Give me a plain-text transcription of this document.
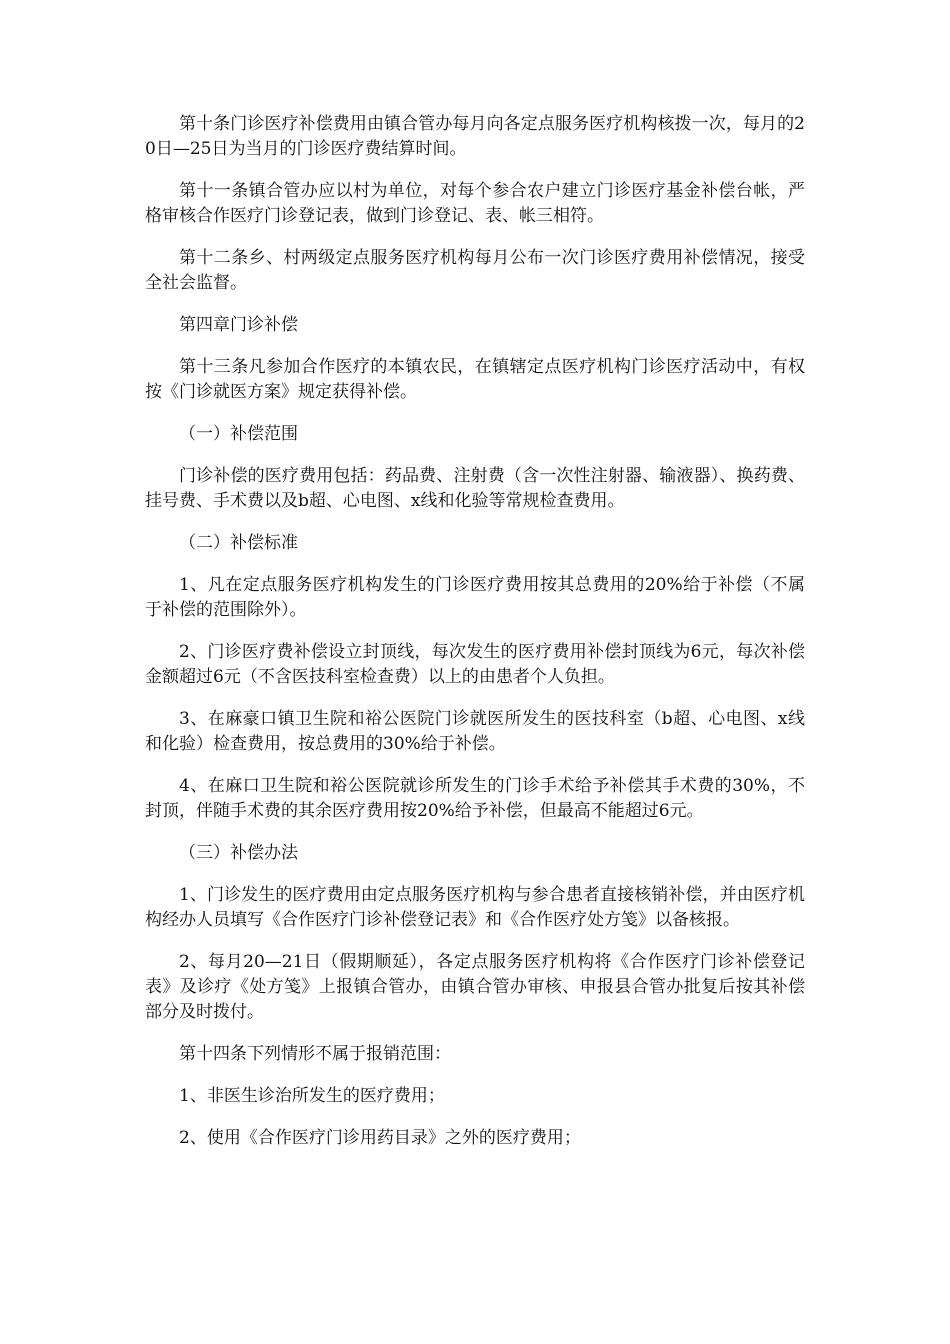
第十条门诊医疗补偿费用由镇合管办每月向各定点服务医疗机构核拨一次，每月的20日—25日为当月的门诊医疗费结算时间。

第十一条镇合管办应以村为单位，对每个参合农户建立门诊医疗基金补偿台帐，严格审核合作医疗门诊登记表，做到门诊登记、表、帐三相符。

第十二条乡、村两级定点服务医疗机构每月公布一次门诊医疗费用补偿情况，接受全社会监督。

第四章门诊补偿

第十三条凡参加合作医疗的本镇农民，在镇辖定点医疗机构门诊医疗活动中，有权按《门诊就医方案》规定获得补偿。

（一）补偿范围

门诊补偿的医疗费用包括：药品费、注射费（含一次性注射器、输液器）、换药费、挂号费、手术费以及b超、心电图、x线和化验等常规检查费用。

（二）补偿标准

1、凡在定点服务医疗机构发生的门诊医疗费用按其总费用的20%给于补偿（不属于补偿的范围除外）。

2、门诊医疗费补偿设立封顶线，每次发生的医疗费用补偿封顶线为6元，每次补偿金额超过6元（不含医技科室检查费）以上的由患者个人负担。

3、在麻豪口镇卫生院和裕公医院门诊就医所发生的医技科室（b超、心电图、x线和化验）检查费用，按总费用的30%给于补偿。

4、在麻口卫生院和裕公医院就诊所发生的门诊手术给予补偿其手术费的30%，不封顶，伴随手术费的其余医疗费用按20%给予补偿，但最高不能超过6元。

（三）补偿办法

1、门诊发生的医疗费用由定点服务医疗机构与参合患者直接核销补偿，并由医疗机构经办人员填写《合作医疗门诊补偿登记表》和《合作医疗处方笺》以备核报。

2、每月20—21日（假期顺延），各定点服务医疗机构将《合作医疗门诊补偿登记表》及诊疗《处方笺》上报镇合管办，由镇合管办审核、申报县合管办批复后按其补偿部分及时拨付。

第十四条下列情形不属于报销范围：

1、非医生诊治所发生的医疗费用；

2、使用《合作医疗门诊用药目录》之外的医疗费用；
